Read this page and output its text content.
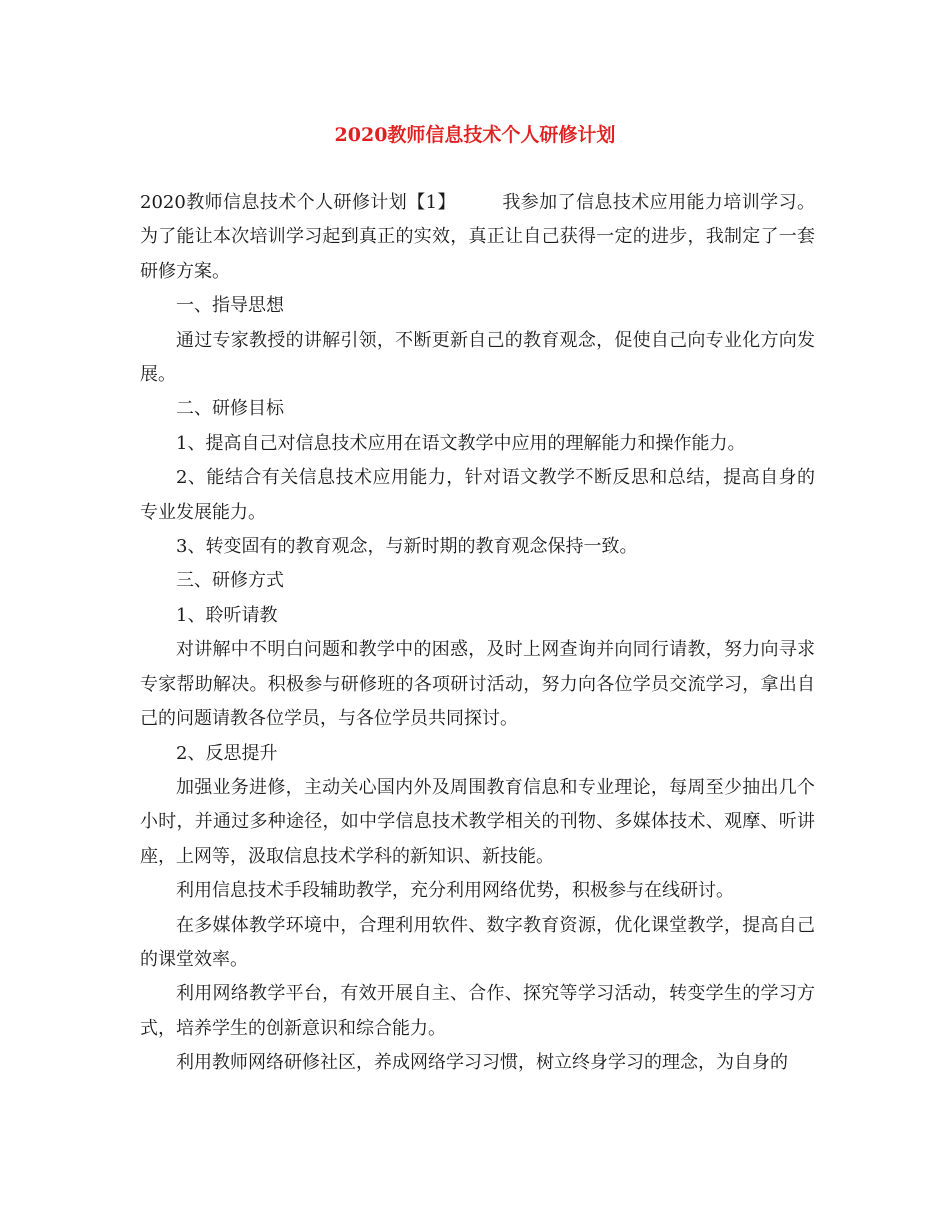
2020教师信息技术个人研修计划

2020教师信息技术个人研修计划【1】	我参加了信息技术应用能力培训学习。为了能让本次培训学习起到真正的实效，真正让自己获得一定的进步，我制定了一套研修方案。

一、指导思想

通过专家教授的讲解引领，不断更新自己的教育观念，促使自己向专业化方向发展。

二、研修目标

1、提高自己对信息技术应用在语文教学中应用的理解能力和操作能力。

2、能结合有关信息技术应用能力，针对语文教学不断反思和总结，提高自身的专业发展能力。

3、转变固有的教育观念，与新时期的教育观念保持一致。

三、研修方式

1、聆听请教

对讲解中不明白问题和教学中的困惑，及时上网查询并向同行请教，努力向寻求专家帮助解决。积极参与研修班的各项研讨活动，努力向各位学员交流学习，拿出自己的问题请教各位学员，与各位学员共同探讨。

2、反思提升

加强业务进修，主动关心国内外及周围教育信息和专业理论，每周至少抽出几个小时，并通过多种途径，如中学信息技术教学相关的刊物、多媒体技术、观摩、听讲座，上网等，汲取信息技术学科的新知识、新技能。

利用信息技术手段辅助教学，充分利用网络优势，积极参与在线研讨。

在多媒体教学环境中，合理利用软件、数字教育资源，优化课堂教学，提高自己的课堂效率。

利用网络教学平台，有效开展自主、合作、探究等学习活动，转变学生的学习方式，培养学生的创新意识和综合能力。

利用教师网络研修社区，养成网络学习习惯，树立终身学习的理念，为自身的
